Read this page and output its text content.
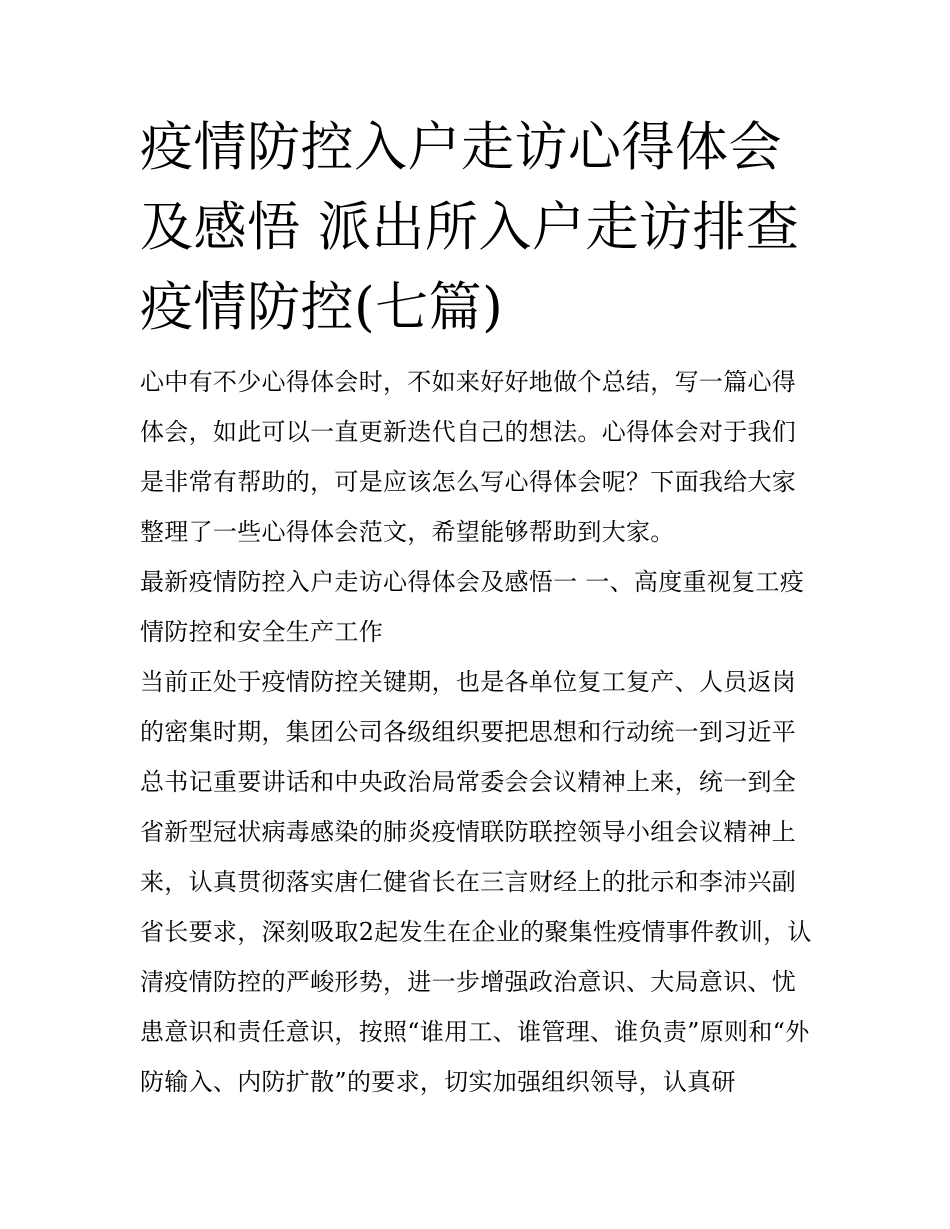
疫情防控入户走访心得体会及感悟 派出所入户走访排查疫情防控(七篇)

心中有不少心得体会时，不如来好好地做个总结，写一篇心得体会，如此可以一直更新迭代自己的想法。心得体会对于我们是非常有帮助的，可是应该怎么写心得体会呢？下面我给大家整理了一些心得体会范文，希望能够帮助到大家。

最新疫情防控入户走访心得体会及感悟一 一、高度重视复工疫情防控和安全生产工作

当前正处于疫情防控关键期，也是各单位复工复产、人员返岗的密集时期，集团公司各级组织要把思想和行动统一到习近平总书记重要讲话和中央政治局常委会会议精神上来，统一到全省新型冠状病毒感染的肺炎疫情联防联控领导小组会议精神上来，认真贯彻落实唐仁健省长在三言财经上的批示和李沛兴副省长要求，深刻吸取2起发生在企业的聚集性疫情事件教训，认清疫情防控的严峻形势，进一步增强政治意识、大局意识、忧患意识和责任意识，按照“谁用工、谁管理、谁负责”原则和“外防输入、内防扩散”的要求，切实加强组织领导，认真研
